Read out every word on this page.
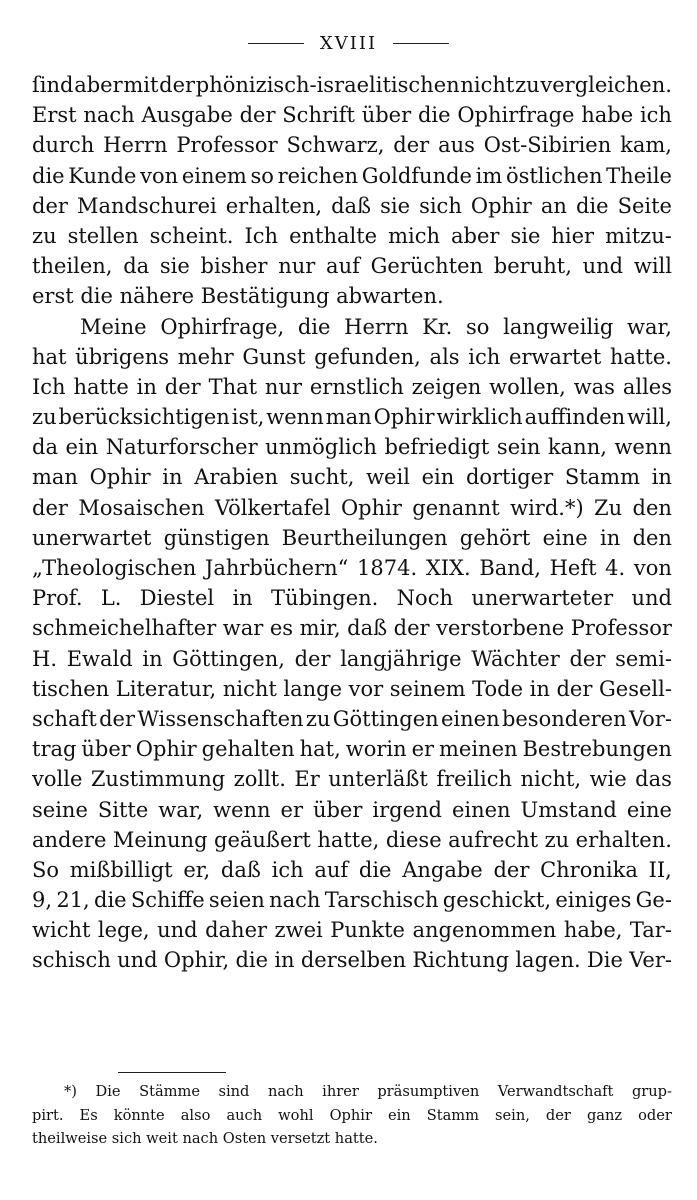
XVIII
ſind aber mit der phönizisch-israelitischen nicht zu vergleichen.
Erst nach Ausgabe der Schrift über die Ophirfrage habe ich
durch Herrn Professor Schwarz, der aus Ost-Sibirien kam,
die Kunde von einem so reichen Goldfunde im östlichen Theile
der Mandschurei erhalten, daß sie sich Ophir an die Seite
zu stellen scheint. Ich enthalte mich aber sie hier mitzu-
theilen, da sie bisher nur auf Gerüchten beruht, und will
erst die nähere Bestätigung abwarten.
Meine Ophirfrage, die Herrn Kr. so langweilig war,
hat übrigens mehr Gunst gefunden, als ich erwartet hatte.
Ich hatte in der That nur ernstlich zeigen wollen, was alles
zu berücksichtigen ist, wenn man Ophir wirklich auffinden will,
da ein Naturforscher unmöglich befriedigt sein kann, wenn
man Ophir in Arabien sucht, weil ein dortiger Stamm in
der Mosaischen Völkertafel Ophir genannt wird.*) Zu den
unerwartet günstigen Beurtheilungen gehört eine in den
„Theologischen Jahrbüchern“ 1874. XIX. Band, Heft 4. von
Prof. L. Diestel in Tübingen. Noch unerwarteter und
schmeichelhafter war es mir, daß der verstorbene Professor
H. Ewald in Göttingen, der langjährige Wächter der semi-
tischen Literatur, nicht lange vor seinem Tode in der Gesell-
schaft der Wissenschaften zu Göttingen einen besonderen Vor-
trag über Ophir gehalten hat, worin er meinen Bestrebungen
volle Zustimmung zollt. Er unterläßt freilich nicht, wie das
seine Sitte war, wenn er über irgend einen Umstand eine
andere Meinung geäußert hatte, diese aufrecht zu erhalten.
So mißbilligt er, daß ich auf die Angabe der Chronika II,
9, 21, die Schiffe seien nach Tarschisch geschickt, einiges Ge-
wicht lege, und daher zwei Punkte angenommen habe, Tar-
schisch und Ophir, die in derselben Richtung lagen. Die Ver-
*) Die Stämme sind nach ihrer präsumptiven Verwandtschaft grup-
pirt. Es könnte also auch wohl Ophir ein Stamm sein, der ganz oder
theilweise sich weit nach Osten versetzt hatte.
